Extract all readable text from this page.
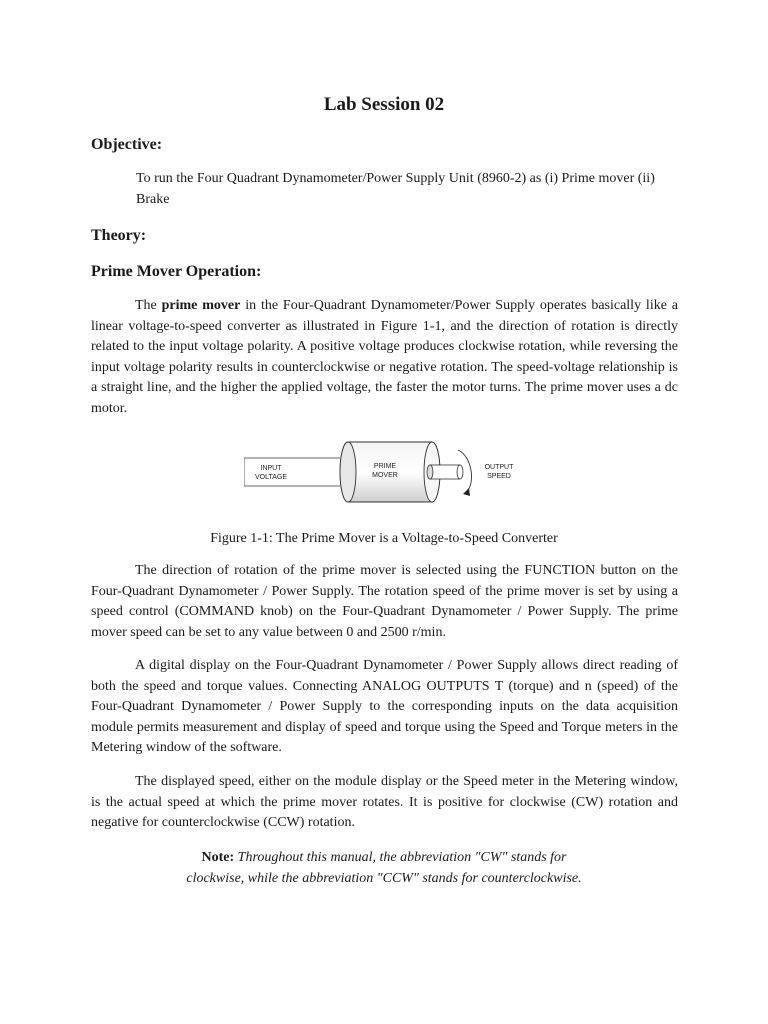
Lab Session 02
Objective:
To run the Four Quadrant Dynamometer/Power Supply Unit (8960-2) as (i) Prime mover (ii) Brake
Theory:
Prime Mover Operation:
The prime mover in the Four-Quadrant Dynamometer/Power Supply operates basically like a linear voltage-to-speed converter as illustrated in Figure 1-1, and the direction of rotation is directly related to the input voltage polarity. A positive voltage produces clockwise rotation, while reversing the input voltage polarity results in counterclockwise or negative rotation. The speed-voltage relationship is a straight line, and the higher the applied voltage, the faster the motor turns. The prime mover uses a dc motor.
INPUT
VOLTAGE
PRIME
MOVER
OUTPUT
SPEED
Figure 1-1: The Prime Mover is a Voltage-to-Speed Converter
The direction of rotation of the prime mover is selected using the FUNCTION button on the Four-Quadrant Dynamometer / Power Supply. The rotation speed of the prime mover is set by using a speed control (COMMAND knob) on the Four-Quadrant Dynamometer / Power Supply. The prime mover speed can be set to any value between 0 and 2500 r/min.
A digital display on the Four-Quadrant Dynamometer / Power Supply allows direct reading of both the speed and torque values. Connecting ANALOG OUTPUTS T (torque) and n (speed) of the Four-Quadrant Dynamometer / Power Supply to the corresponding inputs on the data acquisition module permits measurement and display of speed and torque using the Speed and Torque meters in the Metering window of the software.
The displayed speed, either on the module display or the Speed meter in the Metering window, is the actual speed at which the prime mover rotates. It is positive for clockwise (CW) rotation and negative for counterclockwise (CCW) rotation.
Note: Throughout this manual, the abbreviation "CW" stands for
clockwise, while the abbreviation "CCW" stands for counterclockwise.
